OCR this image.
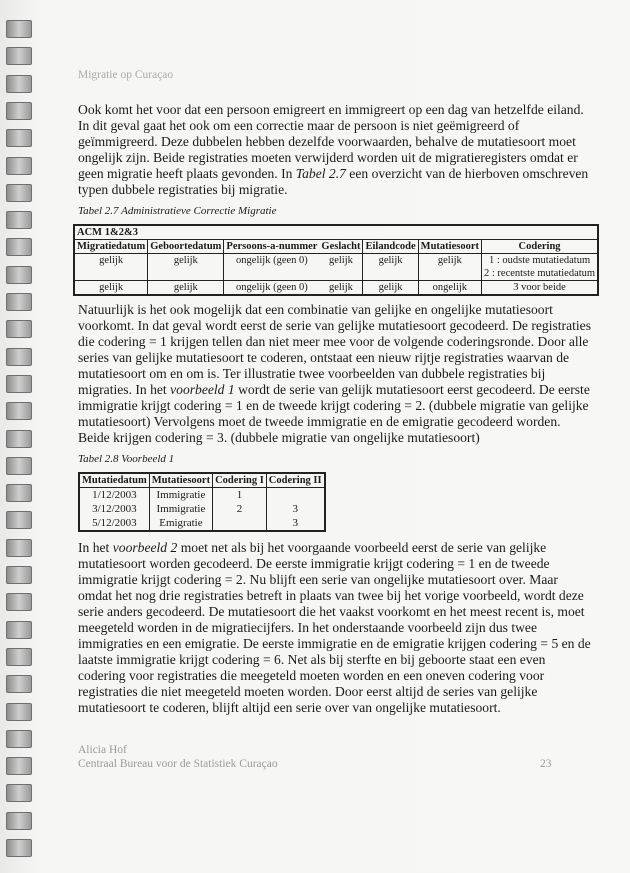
Migratie op Curaçao
Ook komt het voor dat een persoon emigreert en immigreert op een dag van hetzelfde eiland.
In dit geval gaat het ook om een correctie maar de persoon is niet geëmigreerd of
geïmmigreerd. Deze dubbelen hebben dezelfde voorwaarden, behalve de mutatiesoort moet
ongelijk zijn. Beide registraties moeten verwijderd worden uit de migratieregisters omdat er
geen migratie heeft plaats gevonden. In Tabel 2.7 een overzicht van de hierboven omschreven
typen dubbele registraties bij migratie.
Tabel 2.7 Administratieve Correctie Migratie
ACM 1&2&3						
Migratiedatum	Geboortedatum	Persoons-a-nummer	Geslacht	Eilandcode	Mutatiesoort	Codering
gelijk	gelijk	ongelijk (geen 0)	gelijk	gelijk	gelijk	1 : oudste mutatiedatum
2 : recentste mutatiedatum

gelijk	gelijk	ongelijk (geen 0)	gelijk	gelijk	ongelijk	3 voor beide
Natuurlijk is het ook mogelijk dat een combinatie van gelijke en ongelijke mutatiesoort
voorkomt. In dat geval wordt eerst de serie van gelijke mutatiesoort gecodeerd. De registraties
die codering = 1 krijgen tellen dan niet meer mee voor de volgende coderingsronde. Door alle
series van gelijke mutatiesoort te coderen, ontstaat een nieuw rijtje registraties waarvan de
mutatiesoort om en om is. Ter illustratie twee voorbeelden van dubbele registraties bij
migraties. In het voorbeeld 1 wordt de serie van gelijk mutatiesoort eerst gecodeerd. De eerste
immigratie krijgt codering = 1 en de tweede krijgt codering = 2. (dubbele migratie van gelijke
mutatiesoort) Vervolgens moet de tweede immigratie en de emigratie gecodeerd worden.
Beide krijgen codering = 3. (dubbele migratie van ongelijke mutatiesoort)
Tabel 2.8 Voorbeeld 1
Mutatiedatum	Mutatiesoort	Codering I	Codering II
1/12/2003	Immigratie	1	
3/12/2003	Immigratie	2	3
5/12/2003	Emigratie		3
In het voorbeeld 2 moet net als bij het voorgaande voorbeeld eerst de serie van gelijke
mutatiesoort worden gecodeerd. De eerste immigratie krijgt codering = 1 en de tweede
immigratie krijgt codering = 2. Nu blijft een serie van ongelijke mutatiesoort over. Maar
omdat het nog drie registraties betreft in plaats van twee bij het vorige voorbeeld, wordt deze
serie anders gecodeerd. De mutatiesoort die het vaakst voorkomt en het meest recent is, moet
meegeteld worden in de migratiecijfers. In het onderstaande voorbeeld zijn dus twee
immigraties en een emigratie. De eerste immigratie en de emigratie krijgen codering = 5 en de
laatste immigratie krijgt codering = 6. Net als bij sterfte en bij geboorte staat een even
codering voor registraties die meegeteld moeten worden en een oneven codering voor
registraties die niet meegeteld moeten worden. Door eerst altijd de series van gelijke
mutatiesoort te coderen, blijft altijd een serie over van ongelijke mutatiesoort.
Alicia Hof
Centraal Bureau voor de Statistiek Curaçao	23
